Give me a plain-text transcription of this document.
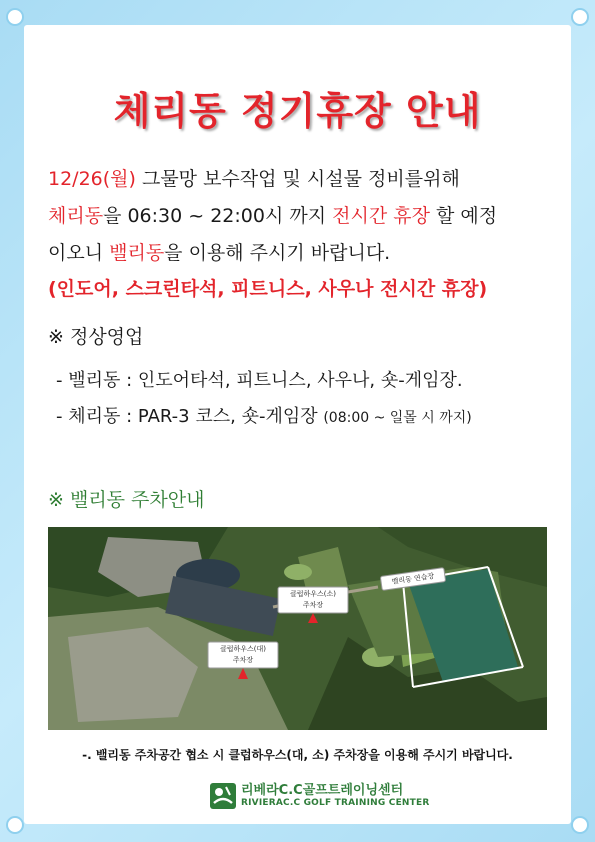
체리동 정기휴장 안내
12/26(월) 그물망 보수작업 및 시설물 정비를위해
체리동을 06:30 ~ 22:00시 까지 전시간 휴장 할 예정
이오니 밸리동을 이용해 주시기 바랍니다.
(인도어, 스크린타석, 피트니스, 사우나 전시간 휴장)
※ 정상영업
- 밸리동 : 인도어타석, 피트니스, 사우나, 숏-게임장.
- 체리동 : PAR-3 코스, 숏-게임장 (08:00 ~ 일몰 시 까지)
※ 밸리동 주차안내
클럽하우스(대)
주차장
클럽하우스(소)
주차장
밸리동 연습장
-. 밸리동 주차공간 협소 시 클럽하우스(대, 소) 주차장을 이용해 주시기 바랍니다.
리베라C.C골프트레이닝센터
RIVIERAC.C GOLF TRAINING CENTER
